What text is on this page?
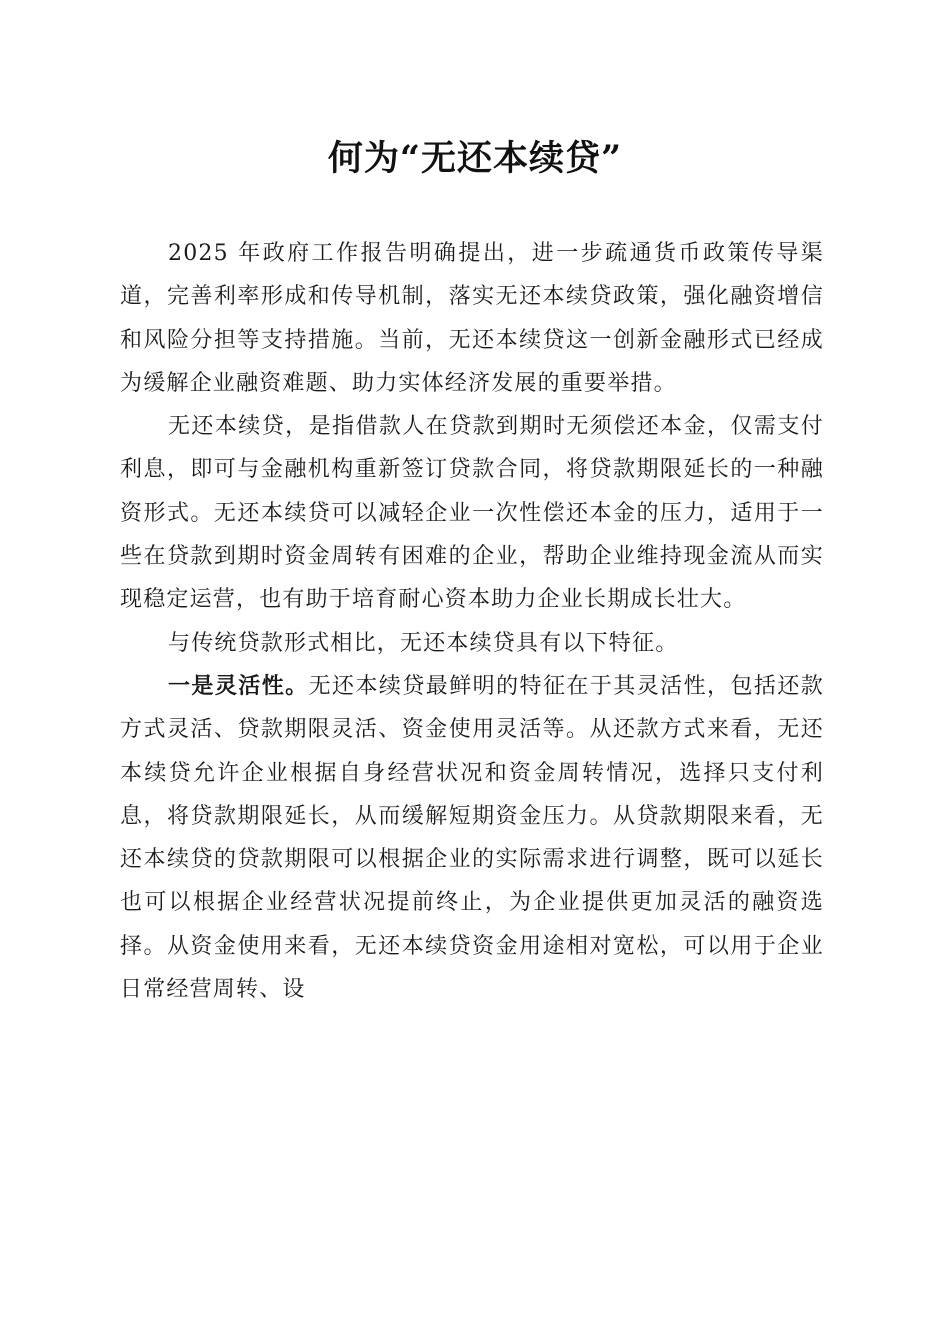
何为“无还本续贷”

2025 年政府工作报告明确提出，进一步疏通货币政策传导渠道，完善利率形成和传导机制，落实无还本续贷政策，强化融资增信和风险分担等支持措施。当前，无还本续贷这一创新金融形式已经成为缓解企业融资难题、助力实体经济发展的重要举措。

无还本续贷，是指借款人在贷款到期时无须偿还本金，仅需支付利息，即可与金融机构重新签订贷款合同，将贷款期限延长的一种融资形式。无还本续贷可以减轻企业一次性偿还本金的压力，适用于一些在贷款到期时资金周转有困难的企业，帮助企业维持现金流从而实现稳定运营，也有助于培育耐心资本助力企业长期成长壮大。

与传统贷款形式相比，无还本续贷具有以下特征。

一是灵活性。无还本续贷最鲜明的特征在于其灵活性，包括还款方式灵活、贷款期限灵活、资金使用灵活等。从还款方式来看，无还本续贷允许企业根据自身经营状况和资金周转情况，选择只支付利息，将贷款期限延长，从而缓解短期资金压力。从贷款期限来看，无还本续贷的贷款期限可以根据企业的实际需求进行调整，既可以延长也可以根据企业经营状况提前终止，为企业提供更加灵活的融资选择。从资金使用来看，无还本续贷资金用途相对宽松，可以用于企业日常经营周转、设
